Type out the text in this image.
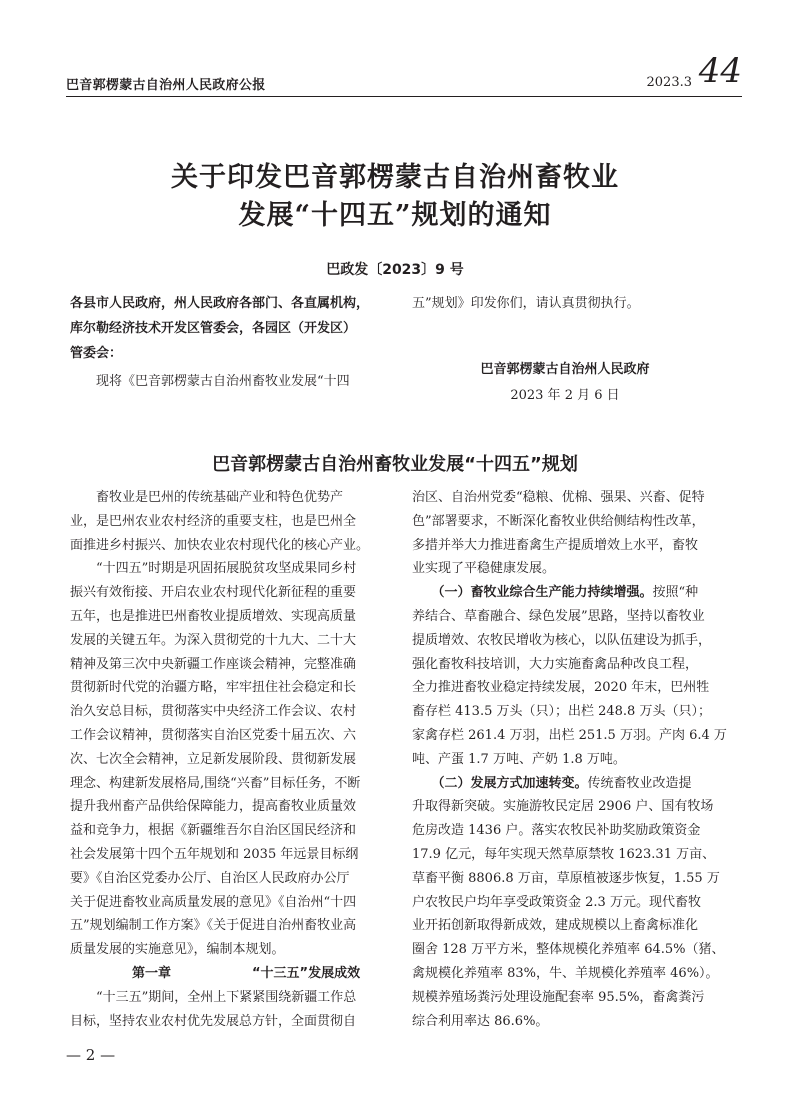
巴音郭楞蒙古自治州人民政府公报	2023.3 44
关于印发巴音郭楞蒙古自治州畜牧业
发展“十四五”规划的通知
巴政发〔2023〕9 号
各县市人民政府，州人民政府各部门、各直属机构，
库尔勒经济技术开发区管委会，各园区（开发区）
管委会：
现将《巴音郭楞蒙古自治州畜牧业发展“十四
五”规划》印发你们，请认真贯彻执行。
巴音郭楞蒙古自治州人民政府
2023 年 2 月 6 日
巴音郭楞蒙古自治州畜牧业发展“十四五”规划
　　畜牧业是巴州的传统基础产业和特色优势产
业，是巴州农业农村经济的重要支柱，也是巴州全
面推进乡村振兴、加快农业农村现代化的核心产业。
　　“十四五”时期是巩固拓展脱贫攻坚成果同乡村
振兴有效衔接、开启农业农村现代化新征程的重要
五年，也是推进巴州畜牧业提质增效、实现高质量
发展的关键五年。为深入贯彻党的十九大、二十大
精神及第三次中央新疆工作座谈会精神，完整准确
贯彻新时代党的治疆方略，牢牢扭住社会稳定和长
治久安总目标，贯彻落实中央经济工作会议、农村
工作会议精神，贯彻落实自治区党委十届五次、六
次、七次全会精神，立足新发展阶段、贯彻新发展
理念、构建新发展格局,围绕“兴畜”目标任务，不断
提升我州畜产品供给保障能力，提高畜牧业质量效
益和竞争力，根据《新疆维吾尔自治区国民经济和
社会发展第十四个五年规划和 2035 年远景目标纲
要》《自治区党委办公厅、自治区人民政府办公厅
关于促进畜牧业高质量发展的意见》《自治州“十四
五”规划编制工作方案》《关于促进自治州畜牧业高
质量发展的实施意见》，编制本规划。
第一章	“十三五”发展成效
　　“十三五”期间，全州上下紧紧围绕新疆工作总
目标，坚持农业农村优先发展总方针，全面贯彻自
治区、自治州党委“稳粮、优棉、强果、兴畜、促特
色”部署要求，不断深化畜牧业供给侧结构性改革，
多措并举大力推进畜禽生产提质增效上水平，畜牧
业实现了平稳健康发展。
　　（一）畜牧业综合生产能力持续增强。按照“种
养结合、草畜融合、绿色发展”思路，坚持以畜牧业
提质增效、农牧民增收为核心，以队伍建设为抓手，
强化畜牧科技培训，大力实施畜禽品种改良工程，
全力推进畜牧业稳定持续发展，2020 年末，巴州牲
畜存栏 413.5 万头（只）；出栏 248.8 万头（只）；
家禽存栏 261.4 万羽，出栏 251.5 万羽。产肉 6.4 万
吨、产蛋 1.7 万吨、产奶 1.8 万吨。
　　（二）发展方式加速转变。传统畜牧业改造提
升取得新突破。实施游牧民定居 2906 户、国有牧场
危房改造 1436 户。落实农牧民补助奖励政策资金
17.9 亿元，每年实现天然草原禁牧 1623.31 万亩、
草畜平衡 8806.8 万亩，草原植被逐步恢复，1.55 万
户农牧民户均年享受政策资金 2.3 万元。现代畜牧
业开拓创新取得新成效，建成规模以上畜禽标准化
圈舍 128 万平方米，整体规模化养殖率 64.5%（猪、
禽规模化养殖率 83%，牛、羊规模化养殖率 46%）。
规模养殖场粪污处理设施配套率 95.5%，畜禽粪污
综合利用率达 86.6%。
— 2 —
